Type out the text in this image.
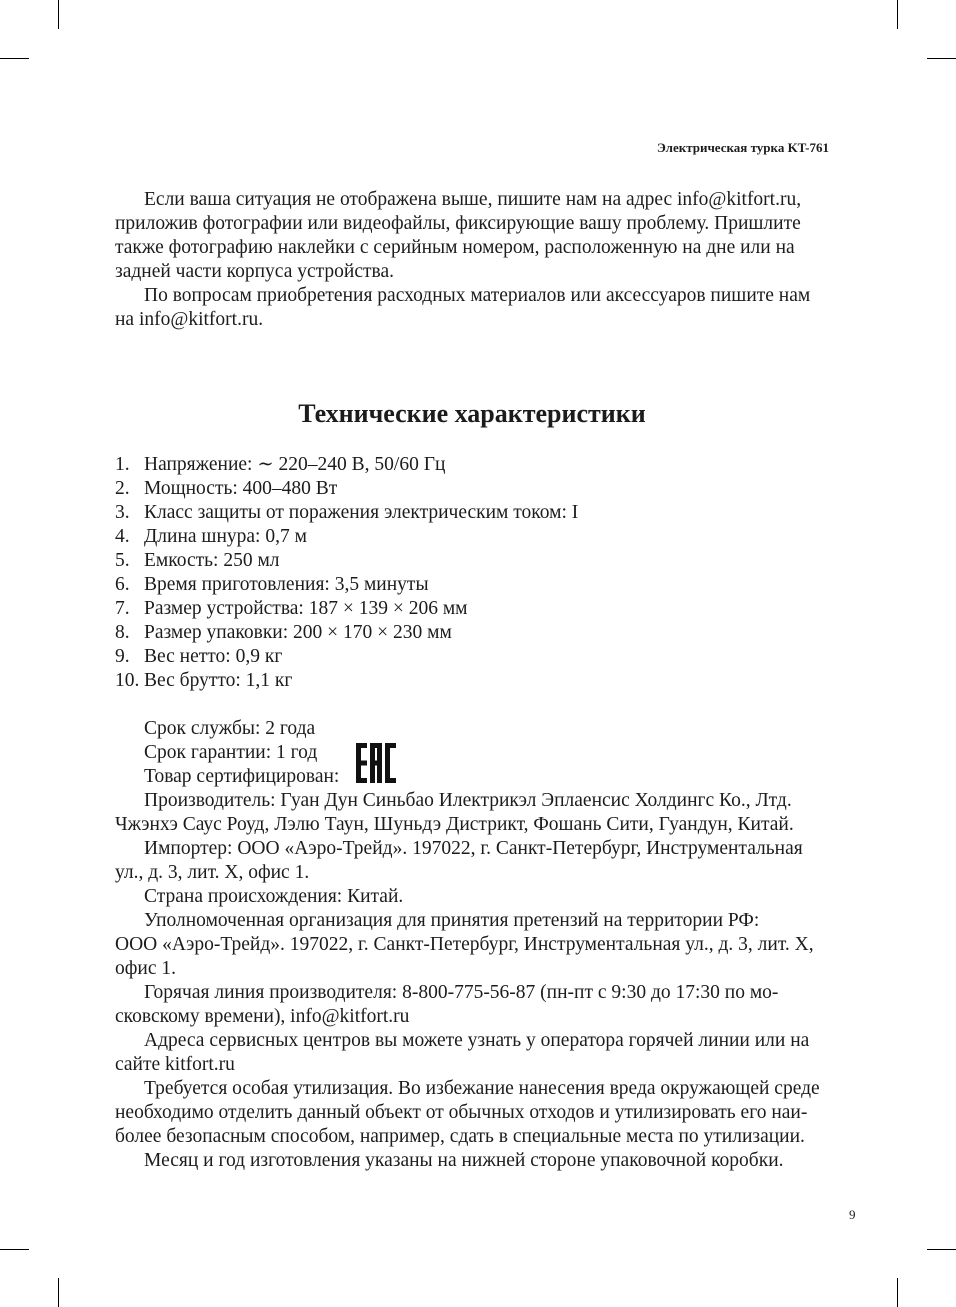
Электрическая турка KT-761
Если ваша ситуация не отображена выше, пишите нам на адрес info@kitfort.ru,
приложив фотографии или видеофайлы, фиксирующие вашу проблему. Пришлите
также фотографию наклейки с серийным номером, расположенную на дне или на
задней части корпуса устройства.
По вопросам приобретения расходных материалов или аксессуаров пишите нам
на info@kitfort.ru.
Технические характеристики
1. Напряжение: ∼ 220–240 В, 50/60 Гц
2. Мощность: 400–480 Вт
3. Класс защиты от поражения электрическим током: I
4. Длина шнура: 0,7 м
5. Емкость: 250 мл
6. Время приготовления: 3,5 минуты
7. Размер устройства: 187 × 139 × 206 мм
8. Размер упаковки: 200 × 170 × 230 мм
9. Вес нетто: 0,9 кг
10. Вес брутто: 1,1 кг
Срок службы: 2 года
Срок гарантии: 1 год
Товар сертифицирован:
Производитель: Гуан Дун Синьбао Илектрикэл Эплаенсис Холдингс Ко., Лтд.
Чжэнхэ Саус Роуд, Лэлю Таун, Шуньдэ Дистрикт, Фошань Сити, Гуандун, Китай.
Импортер: ООО «Аэро-Трейд». 197022, г. Санкт-Петербург, Инструментальная
ул., д. 3, лит. Х, офис 1.
Страна происхождения: Китай.
Уполномоченная организация для принятия претензий на территории РФ:
ООО «Аэро-Трейд». 197022, г. Санкт-Петербург, Инструментальная ул., д. 3, лит. Х,
офис 1.
Горячая линия производителя: 8-800-775-56-87 (пн-пт с 9:30 до 17:30 по мо-
сковскому времени), info@kitfort.ru
Адреса сервисных центров вы можете узнать у оператора горячей линии или на
сайте kitfort.ru
Требуется особая утилизация. Во избежание нанесения вреда окружающей среде
необходимо отделить данный объект от обычных отходов и утилизировать его наи-
более безопасным способом, например, сдать в специальные места по утилизации.
Месяц и год изготовления указаны на нижней стороне упаковочной коробки.
9
